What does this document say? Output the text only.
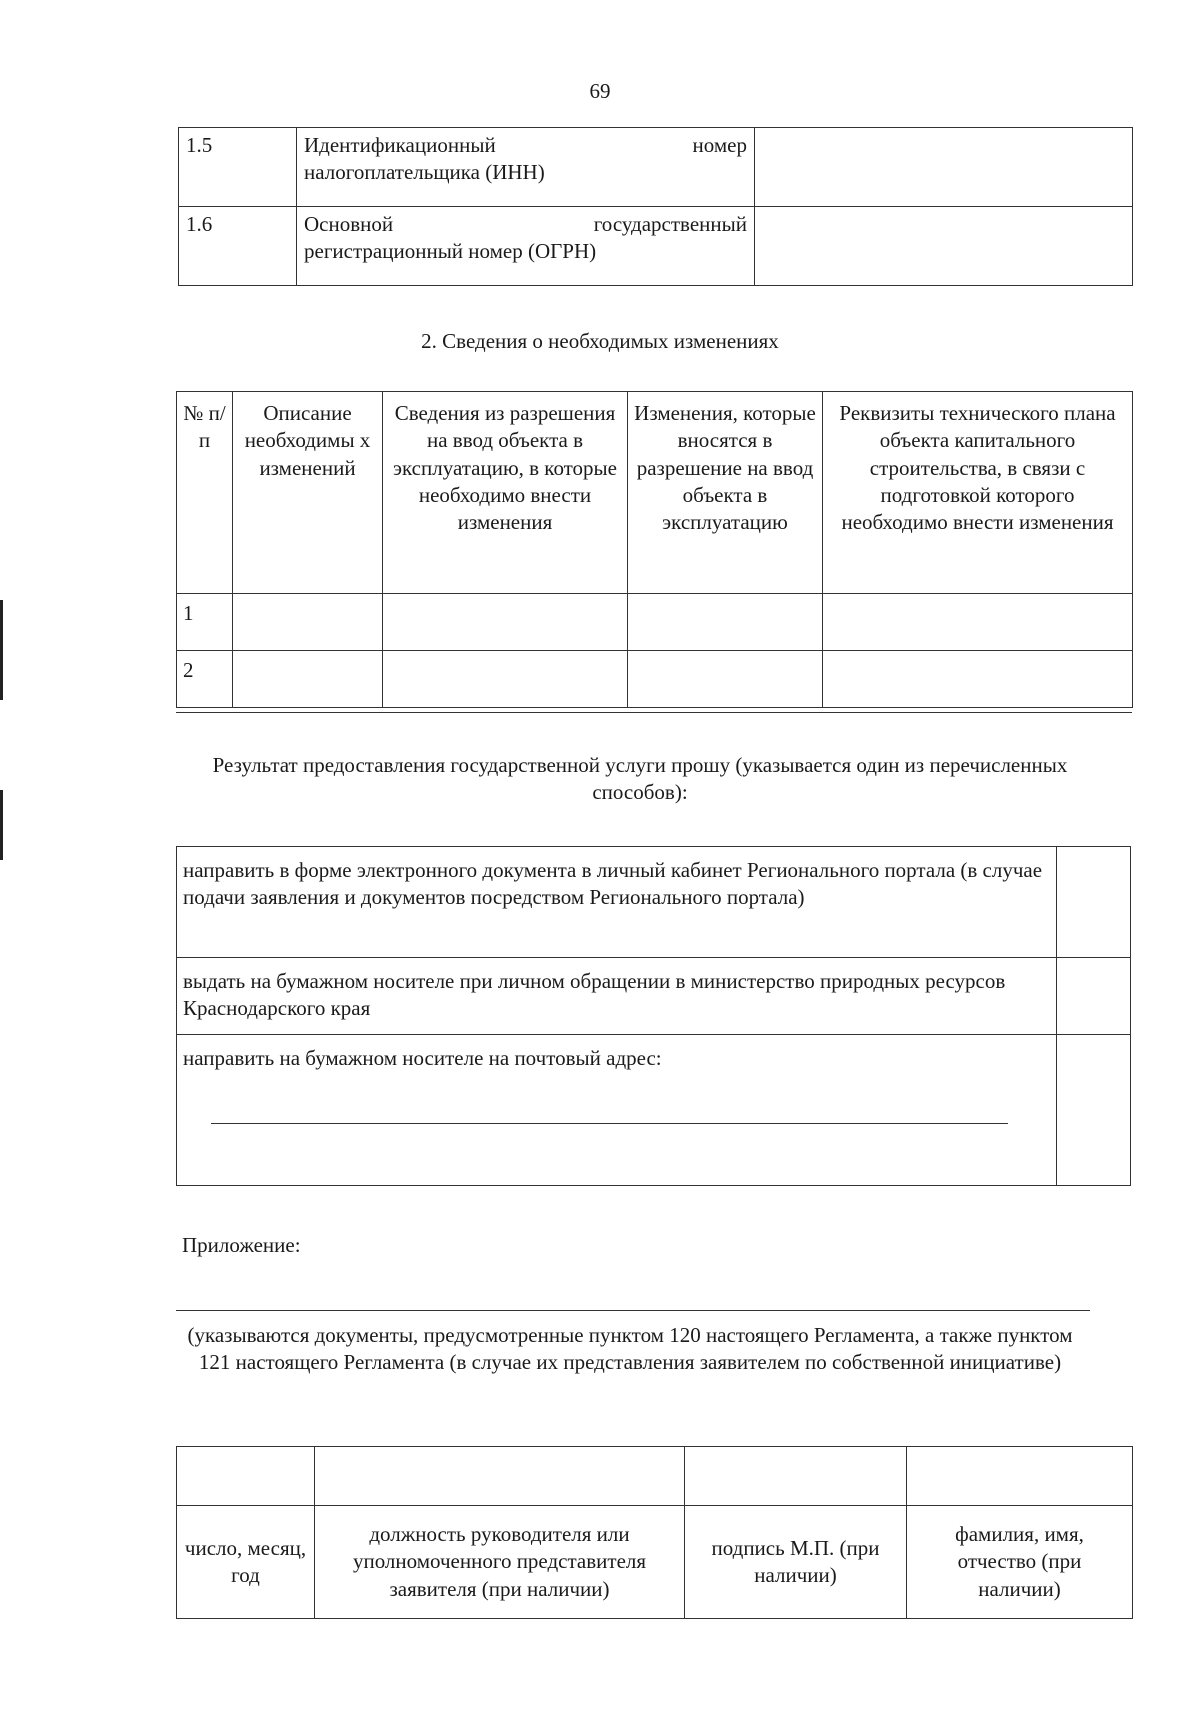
69
1.5	Идентификационный номер
налогоплательщика (ИНН)	

1.6	Основной государственный
регистрационный номер (ОГРН)	

2. Сведения о необходимых изменениях
№ п/п	Описание необходимы х изменений	Сведения из разрешения на ввод объекта в эксплуатацию, в которые необходимо внести изменения	Изменения, которые вносятся в разрешение на ввод объекта в эксплуатацию	Реквизиты технического плана объекта капитального строительства, в связи с подготовкой которого необходимо внести изменения
1				
2				
Результат предоставления государственной услуги прошу (указывается один из перечисленных способов):
направить в форме электронного документа в личный кабинет Регионального портала (в случае подачи заявления и документов посредством Регионального портала)	
выдать на бумажном носителе при личном обращении в министерство природных ресурсов Краснодарского края	

направить на бумажном носителе на почтовый адрес:	

Приложение:
(указываются документы, предусмотренные пунктом 120 настоящего Регламента, а также пунктом 121 настоящего Регламента (в случае их представления заявителем по собственной инициативе)

число, месяц, год	должность руководителя или уполномоченного представителя заявителя (при наличии)	подпись М.П. (при наличии)	фамилия, имя, отчество (при наличии)
